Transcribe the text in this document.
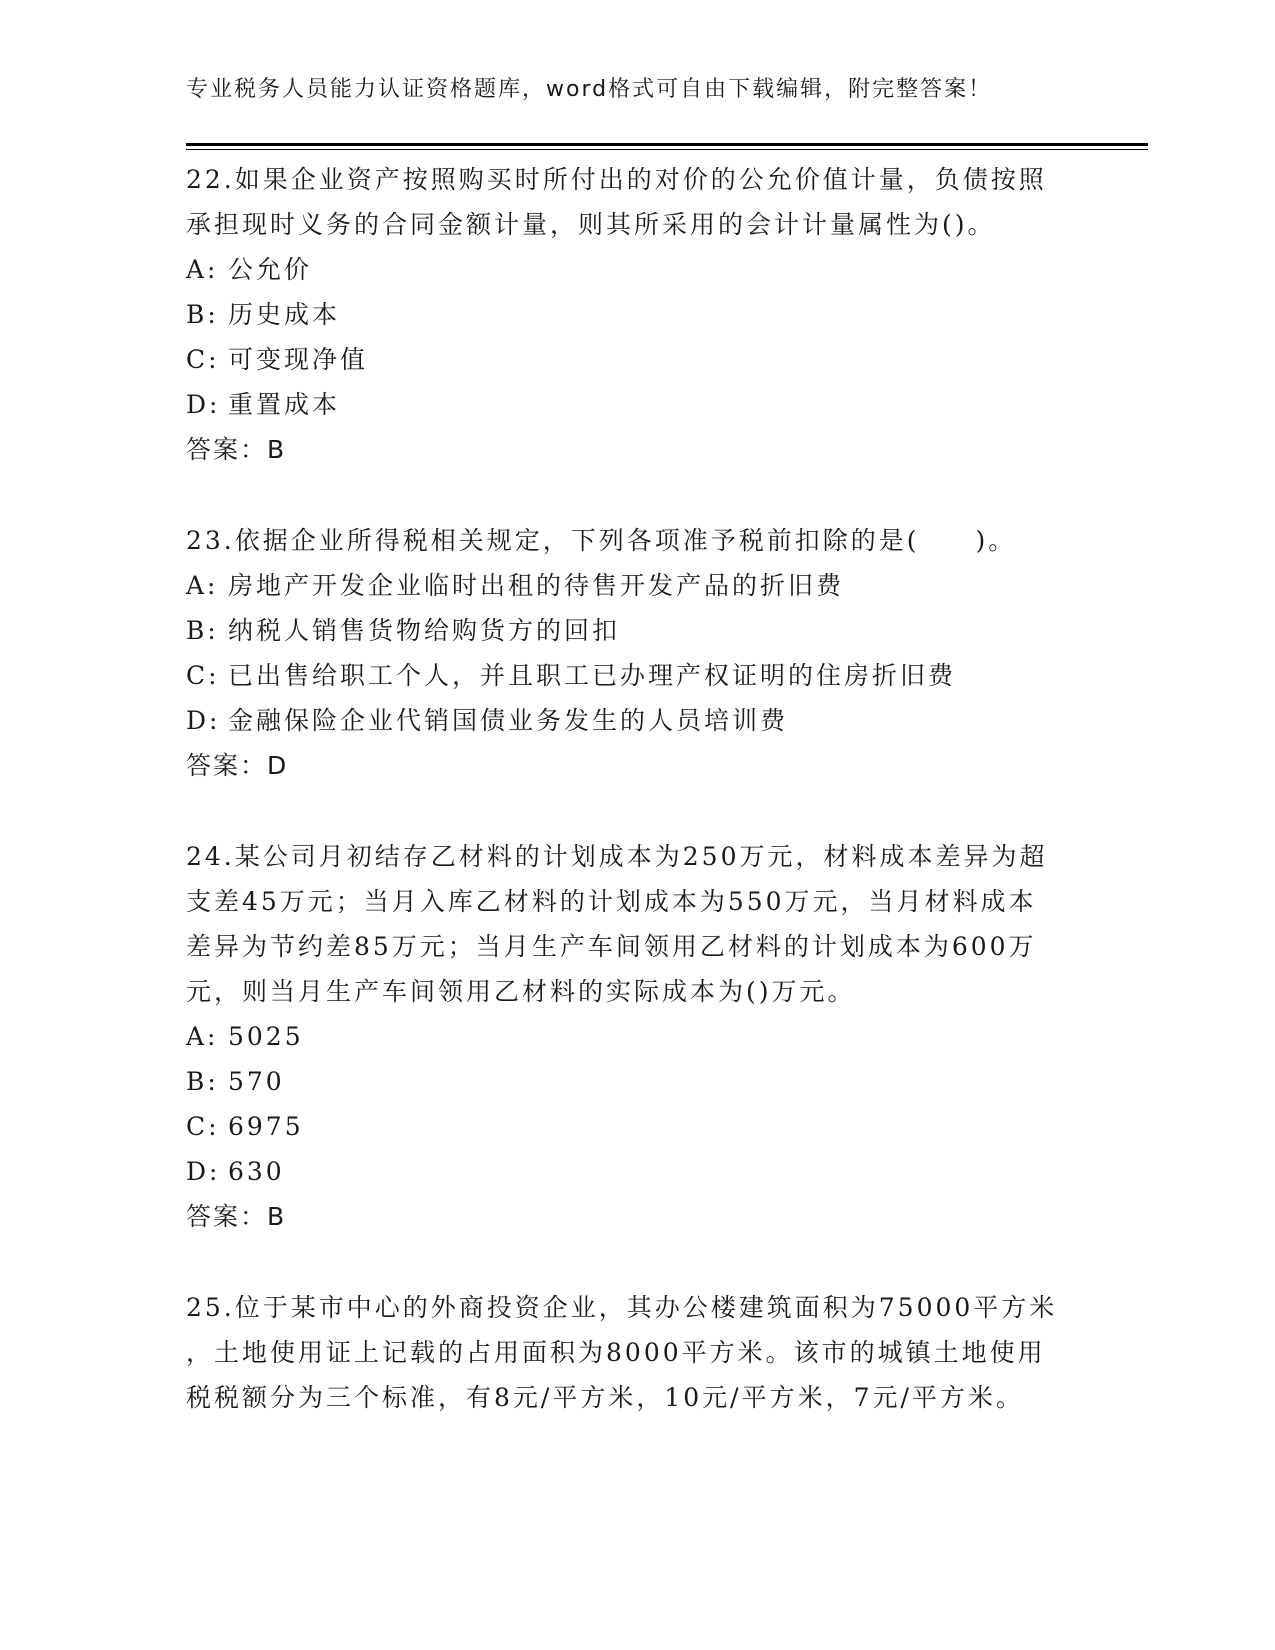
专业税务人员能力认证资格题库，word格式可自由下载编辑，附完整答案！
22.如果企业资产按照购买时所付出的对价的公允价值计量，负债按照
承担现时义务的合同金额计量，则其所采用的会计计量属性为()。
A: 公允价
B: 历史成本
C: 可变现净值
D: 重置成本
答案：B
23.依据企业所得税相关规定，下列各项准予税前扣除的是(　　)。
A: 房地产开发企业临时出租的待售开发产品的折旧费
B: 纳税人销售货物给购货方的回扣
C: 已出售给职工个人，并且职工已办理产权证明的住房折旧费
D: 金融保险企业代销国债业务发生的人员培训费
答案：D
24.某公司月初结存乙材料的计划成本为250万元，材料成本差异为超
支差45万元；当月入库乙材料的计划成本为550万元，当月材料成本
差异为节约差85万元；当月生产车间领用乙材料的计划成本为600万
元，则当月生产车间领用乙材料的实际成本为()万元。
A: 5025
B: 570
C: 6975
D: 630
答案：B
25.位于某市中心的外商投资企业，其办公楼建筑面积为75000平方米
，土地使用证上记载的占用面积为8000平方米。该市的城镇土地使用
税税额分为三个标准，有8元/平方米，10元/平方米，7元/平方米。
